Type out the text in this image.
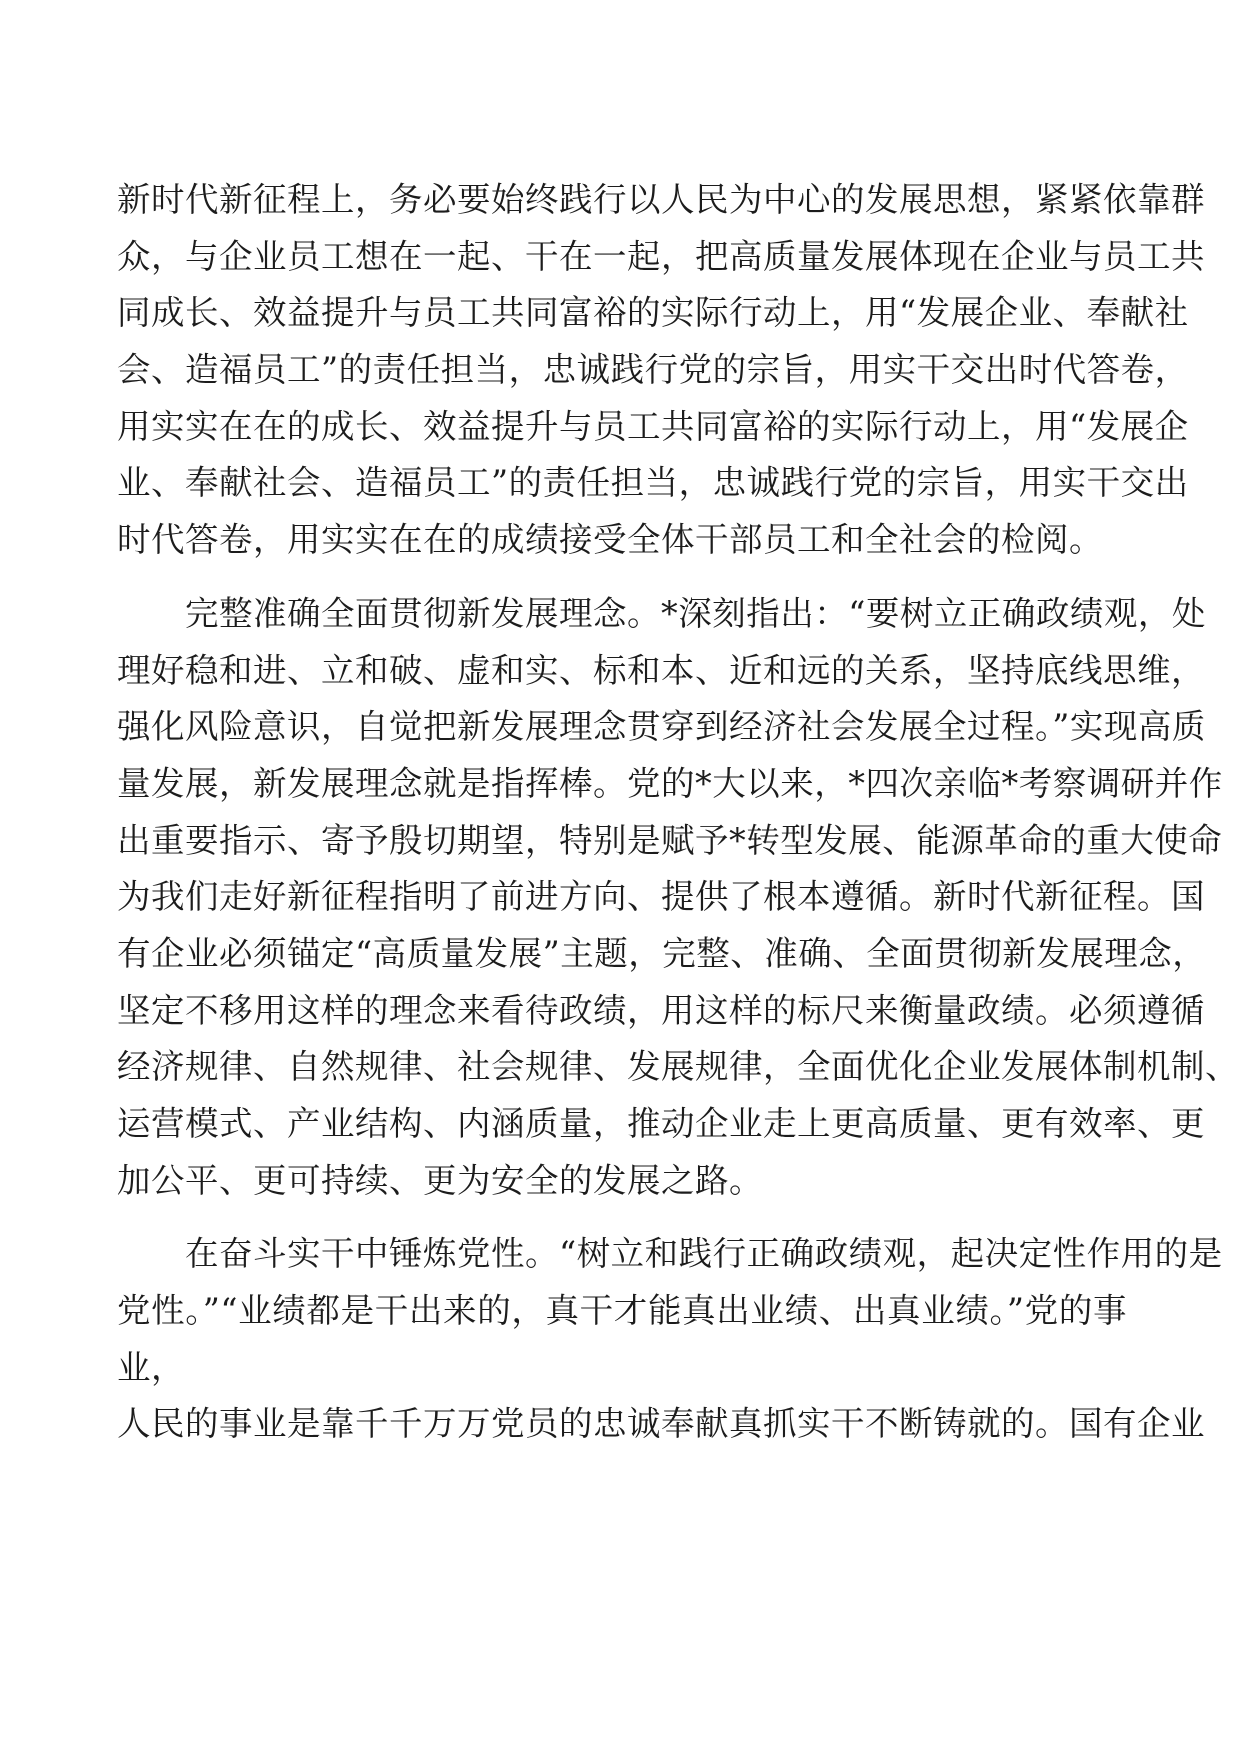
新时代新征程上，务必要始终践行以人民为中心的发展思想，紧紧依靠群
众，与企业员工想在一起、干在一起，把高质量发展体现在企业与员工共
同成长、效益提升与员工共同富裕的实际行动上，用“发展企业、奉献社
会、造福员工”的责任担当，忠诚践行党的宗旨，用实干交出时代答卷，
用实实在在的成长、效益提升与员工共同富裕的实际行动上，用“发展企
业、奉献社会、造福员工”的责任担当，忠诚践行党的宗旨，用实干交出
时代答卷，用实实在在的成绩接受全体干部员工和全社会的检阅。
　　完整准确全面贯彻新发展理念。*深刻指出：“要树立正确政绩观，处
理好稳和进、立和破、虚和实、标和本、近和远的关系，坚持底线思维，
强化风险意识，自觉把新发展理念贯穿到经济社会发展全过程。”实现高质
量发展，新发展理念就是指挥棒。党的*大以来，*四次亲临*考察调研并作
出重要指示、寄予殷切期望，特别是赋予*转型发展、能源革命的重大使命
为我们走好新征程指明了前进方向、提供了根本遵循。新时代新征程。国
有企业必须锚定“高质量发展”主题，完整、准确、全面贯彻新发展理念，
坚定不移用这样的理念来看待政绩，用这样的标尺来衡量政绩。必须遵循
经济规律、自然规律、社会规律、发展规律，全面优化企业发展体制机制、
运营模式、产业结构、内涵质量，推动企业走上更高质量、更有效率、更
加公平、更可持续、更为安全的发展之路。
　　在奋斗实干中锤炼党性。“树立和践行正确政绩观，起决定性作用的是
党性。”“业绩都是干出来的，真干才能真出业绩、出真业绩。”党的事
业，
人民的事业是靠千千万万党员的忠诚奉献真抓实干不断铸就的。国有企业
